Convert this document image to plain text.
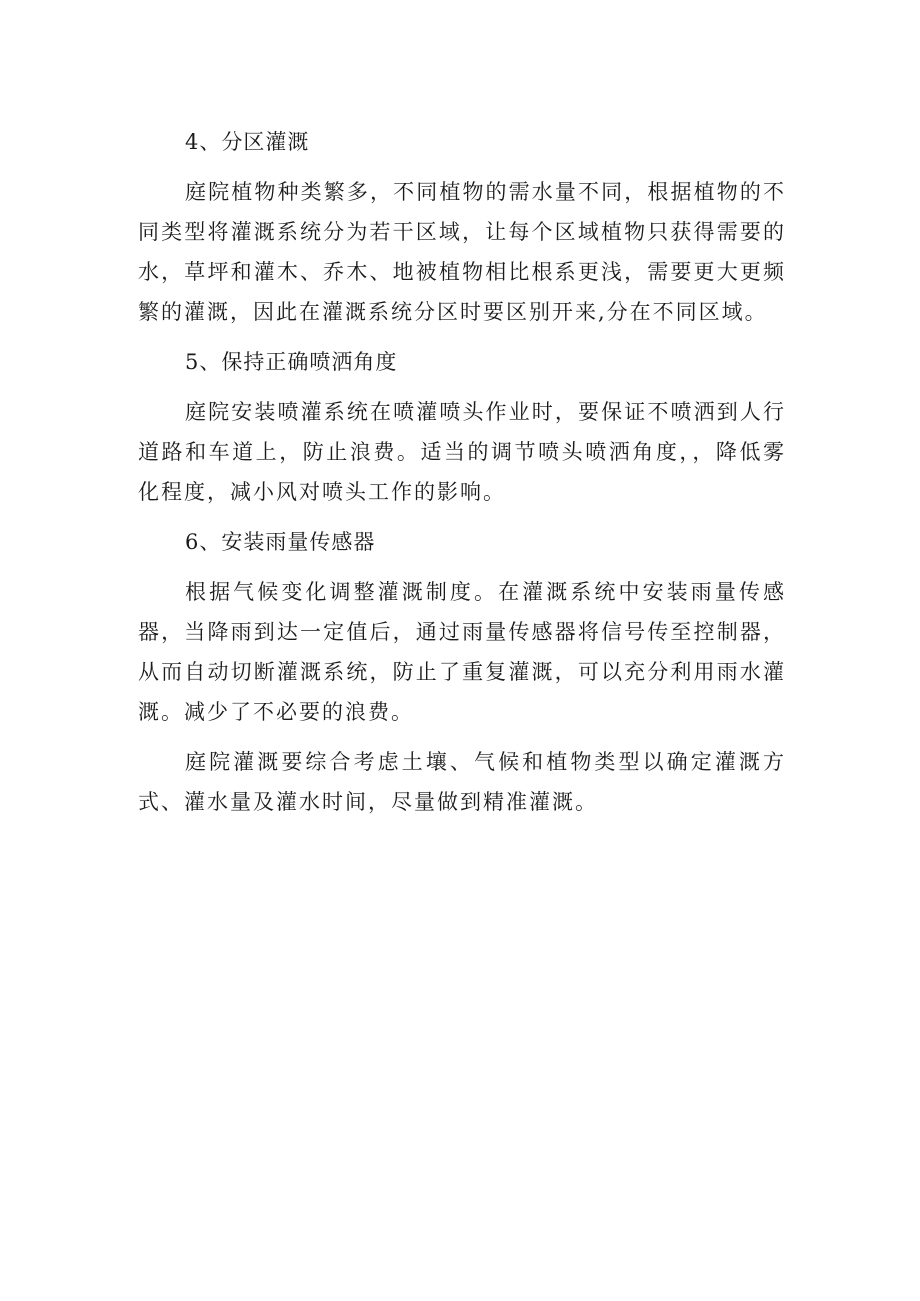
4、分区灌溉

庭院植物种类繁多，不同植物的需水量不同，根据植物的不同类型将灌溉系统分为若干区域，让每个区域植物只获得需要的水，草坪和灌木、乔木、地被植物相比根系更浅，需要更大更频繁的灌溉，因此在灌溉系统分区时要区别开来,分在不同区域。

5、保持正确喷洒角度

庭院安装喷灌系统在喷灌喷头作业时，要保证不喷洒到人行道路和车道上，防止浪费。适当的调节喷头喷洒角度，，降低雾化程度，减小风对喷头工作的影响。

6、安装雨量传感器

根据气候变化调整灌溉制度。在灌溉系统中安装雨量传感器，当降雨到达一定值后，通过雨量传感器将信号传至控制器，从而自动切断灌溉系统，防止了重复灌溉，可以充分利用雨水灌溉。减少了不必要的浪费。

庭院灌溉要综合考虑土壤、气候和植物类型以确定灌溉方式、灌水量及灌水时间，尽量做到精准灌溉。
